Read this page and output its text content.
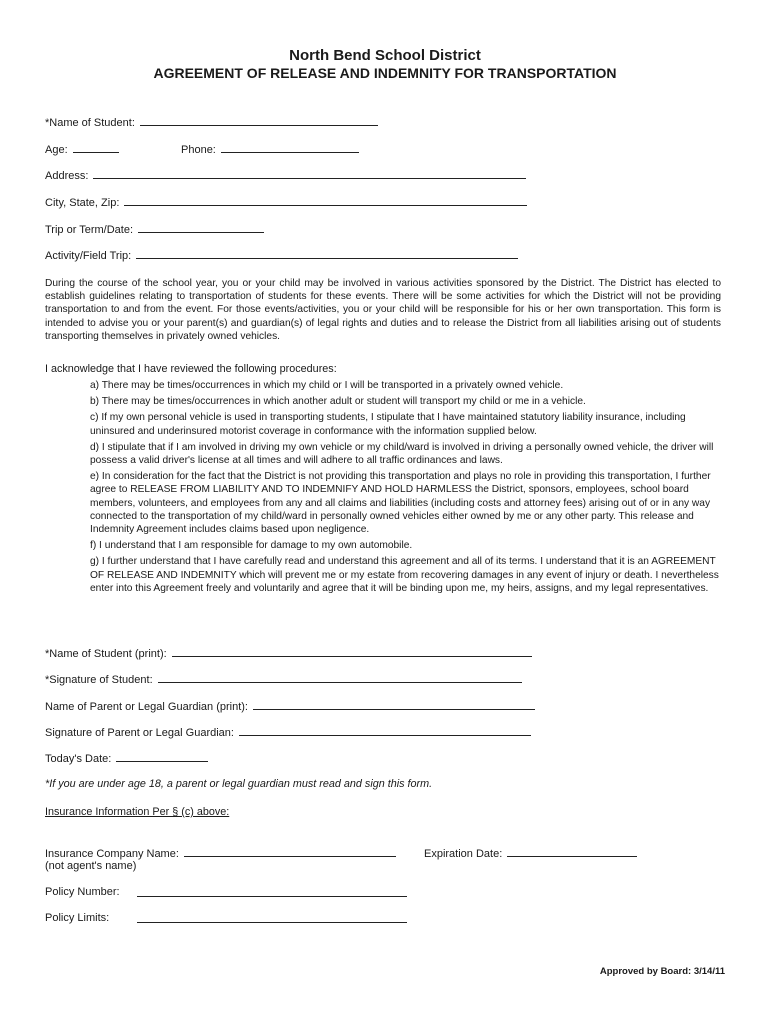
North Bend School District
AGREEMENT OF RELEASE AND INDEMNITY FOR TRANSPORTATION
*Name of Student:
Age:	Phone:
Address:
City, State, Zip:
Trip or Term/Date:
Activity/Field Trip:
During the course of the school year, you or your child may be involved in various activities sponsored by the District. The District has elected to establish guidelines relating to transportation of students for these events. There will be some activities for which the District will not be providing transportation to and from the event. For those events/activities, you or your child will be responsible for his or her own transportation. This form is intended to advise you or your parent(s) and guardian(s) of legal rights and duties and to release the District from all liabilities arising out of students transporting themselves in privately owned vehicles.
I acknowledge that I have reviewed the following procedures:

a) There may be times/occurrences in which my child or I will be transported in a privately owned vehicle.

b) There may be times/occurrences in which another adult or student will transport my child or me in a vehicle.

c) If my own personal vehicle is used in transporting students, I stipulate that I have maintained statutory liability insurance, including uninsured and underinsured motorist coverage in conformance with the information supplied below.

d) I stipulate that if I am involved in driving my own vehicle or my child/ward is involved in driving a personally owned vehicle, the driver will possess a valid driver's license at all times and will adhere to all traffic ordinances and laws.

e) In consideration for the fact that the District is not providing this transportation and plays no role in providing this transportation, I further agree to RELEASE FROM LIABILITY AND TO INDEMNIFY AND HOLD HARMLESS the District, sponsors, employees, school board members, volunteers, and employees from any and all claims and liabilities (including costs and attorney fees) arising out of or in any way connected to the transportation of my child/ward in personally owned vehicles either owned by me or any other party. This release and Indemnity Agreement includes claims based upon negligence.

f) I understand that I am responsible for damage to my own automobile.

g) I further understand that I have carefully read and understand this agreement and all of its terms. I understand that it is an AGREEMENT OF RELEASE AND INDEMNITY which will prevent me or my estate from recovering damages in any event of injury or death. I nevertheless enter into this Agreement freely and voluntarily and agree that it will be binding upon me, my heirs, assigns, and my legal representatives.

*Name of Student (print):
*Signature of Student:
Name of Parent or Legal Guardian (print):
Signature of Parent or Legal Guardian:
Today's Date:
*If you are under age 18, a parent or legal guardian must read and sign this form.
Insurance Information Per § (c) above:
Insurance Company Name:
(not agent's name)
Expiration Date:
Policy Number:
Policy Limits:
Approved by Board: 3/14/11
